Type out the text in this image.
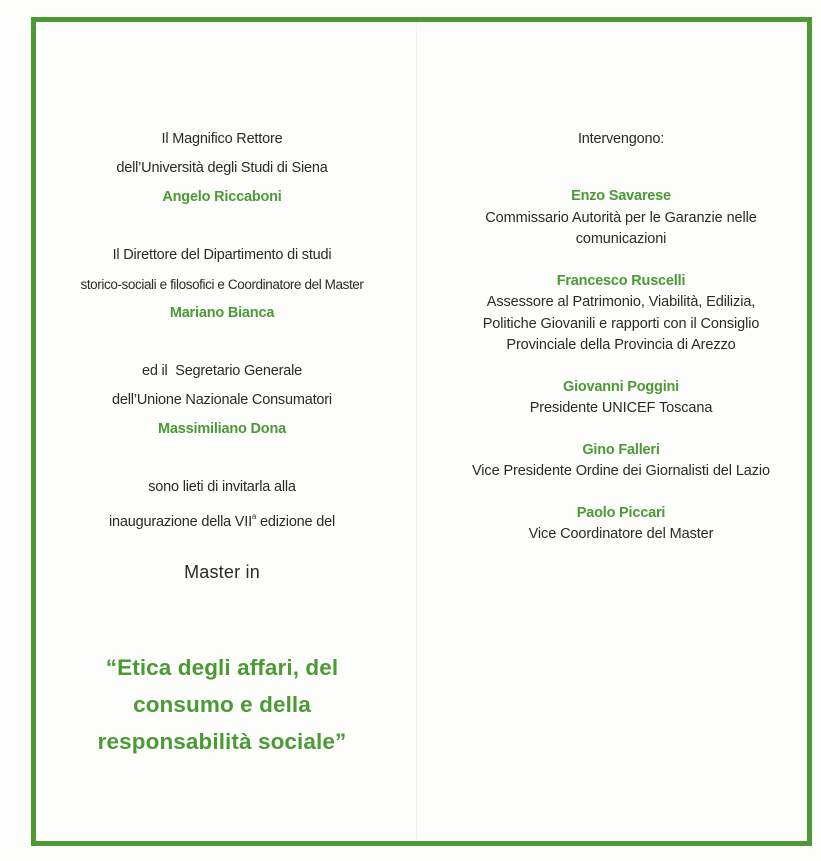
Il Magnifico Rettore
dell’Università degli Studi di Siena
Angelo Riccaboni
Il Direttore del Dipartimento di studi
storico-sociali e filosofici e Coordinatore del Master
Mariano Bianca
ed il  Segretario Generale
dell’Unione Nazionale Consumatori
Massimiliano Dona
sono lieti di invitarla alla
inaugurazione della VII$^a$ edizione del
Master in
“Etica degli affari, del
consumo e della
responsabilità sociale”
Intervengono:
Enzo Savarese
Commissario Autorità per le Garanzie nelle
comunicazioni
Francesco Ruscelli
Assessore al Patrimonio, Viabilità, Edilizia,
Politiche Giovanili e rapporti con il Consiglio
Provinciale della Provincia di Arezzo
Giovanni Poggini
Presidente UNICEF Toscana
Gino Falleri
Vice Presidente Ordine dei Giornalisti del Lazio
Paolo Piccari
Vice Coordinatore del Master
